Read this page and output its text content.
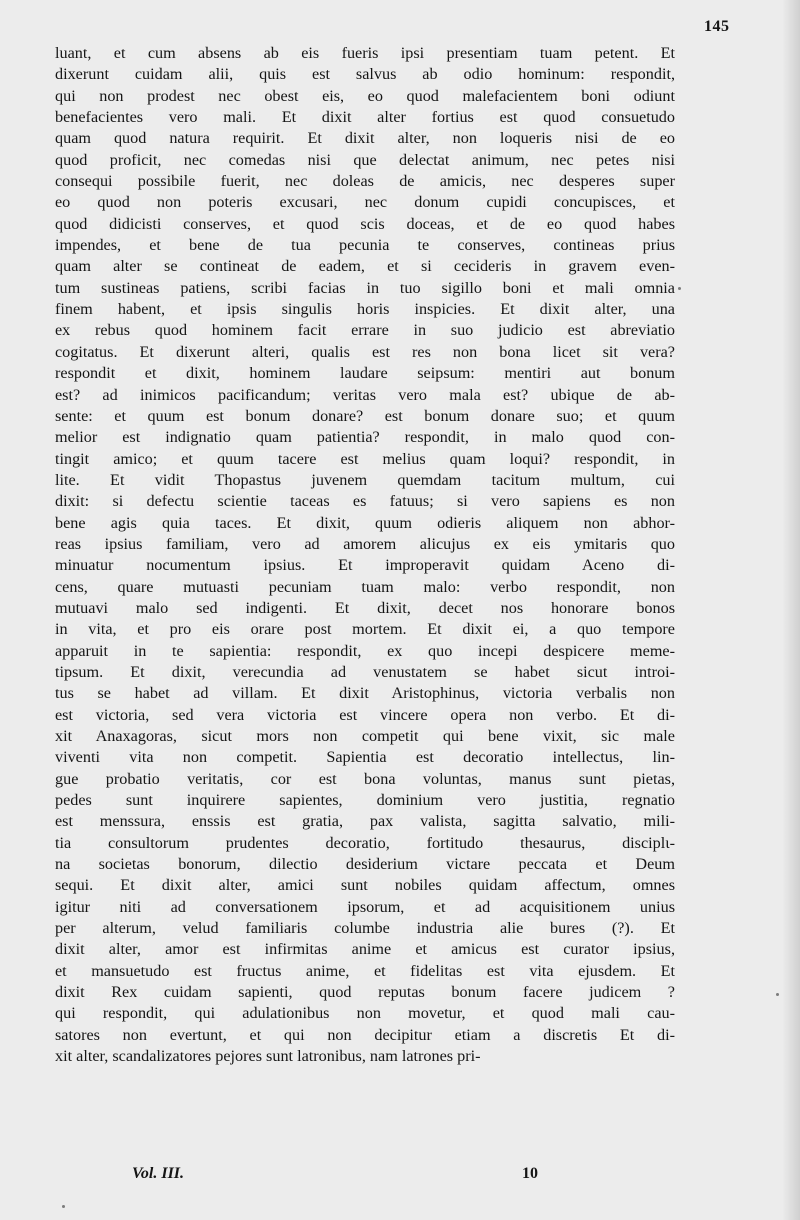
145
luant, et cum absens ab eis fueris ipsi presentiam tuam petent. Et
dixerunt cuidam alii, quis est salvus ab odio hominum: respondit,
qui non prodest nec obest eis, eo quod malefacientem boni odiunt
benefacientes vero mali. Et dixit alter fortius est quod consuetudo
quam quod natura requirit. Et dixit alter, non loqueris nisi de eo
quod proficit, nec comedas nisi que delectat animum, nec petes nisi
consequi possibile fuerit, nec doleas de amicis, nec desperes super
eo quod non poteris excusari, nec donum cupidi concupisces, et
quod didicisti conserves, et quod scis doceas, et de eo quod habes
impendes, et bene de tua pecunia te conserves, contineas prius
quam alter se contineat de eadem, et si cecideris in gravem even-
tum sustineas patiens, scribi facias in tuo sigillo boni et mali omnia
finem habent, et ipsis singulis horis inspicies. Et dixit alter, una
ex rebus quod hominem facit errare in suo judicio est abreviatio
cogitatus. Et dixerunt alteri, qualis est res non bona licet sit vera?
respondit et dixit, hominem laudare seipsum: mentiri aut bonum
est? ad inimicos pacificandum; veritas vero mala est? ubique de ab-
sente: et quum est bonum donare? est bonum donare suo; et quum
melior est indignatio quam patientia? respondit, in malo quod con-
tingit amico; et quum tacere est melius quam loqui? respondit, in
lite. Et vidit Thopastus juvenem quemdam tacitum multum, cui
dixit: si defectu scientie taceas es fatuus; si vero sapiens es non
bene agis quia taces. Et dixit, quum odieris aliquem non abhor-
reas ipsius familiam, vero ad amorem alicujus ex eis ymitaris quo
minuatur nocumentum ipsius. Et improperavit quidam Aceno di-
cens, quare mutuasti pecuniam tuam malo: verbo respondit, non
mutuavi malo sed indigenti. Et dixit, decet nos honorare bonos
in vita, et pro eis orare post mortem. Et dixit ei, a quo tempore
apparuit in te sapientia: respondit, ex quo incepi despicere meme-
tipsum. Et dixit, verecundia ad venustatem se habet sicut introi-
tus se habet ad villam. Et dixit Aristophinus, victoria verbalis non
est victoria, sed vera victoria est vincere opera non verbo. Et di-
xit Anaxagoras, sicut mors non competit qui bene vixit, sic male
viventi vita non competit. Sapientia est decoratio intellectus, lin-
gue probatio veritatis, cor est bona voluntas, manus sunt pietas,
pedes sunt inquirere sapientes, dominium vero justitia, regnatio
est menssura, enssis est gratia, pax valista, sagitta salvatio, mili-
tia consultorum prudentes decoratio, fortitudo thesaurus, disciplι-
na societas bonorum, dilectio desiderium victare peccata et Deum
sequi. Et dixit alter, amici sunt nobiles quidam affectum, omnes
igitur niti ad conversationem ipsorum, et ad acquisitionem unius
per alterum, velud familiaris columbe industria alie bures (?). Et
dixit alter, amor est infirmitas anime et amicus est curator ipsius,
et mansuetudo est fructus anime, et fidelitas est vita ejusdem. Et
dixit Rex cuidam sapienti, quod reputas bonum facere judicem ?
qui respondit, qui adulationibus non movetur, et quod mali cau-
satores non evertunt, et qui non decipitur etiam a discretis Et di-
xit alter, scandalizatores pejores sunt latronibus, nam latrones pri-
Vol. III.	10
